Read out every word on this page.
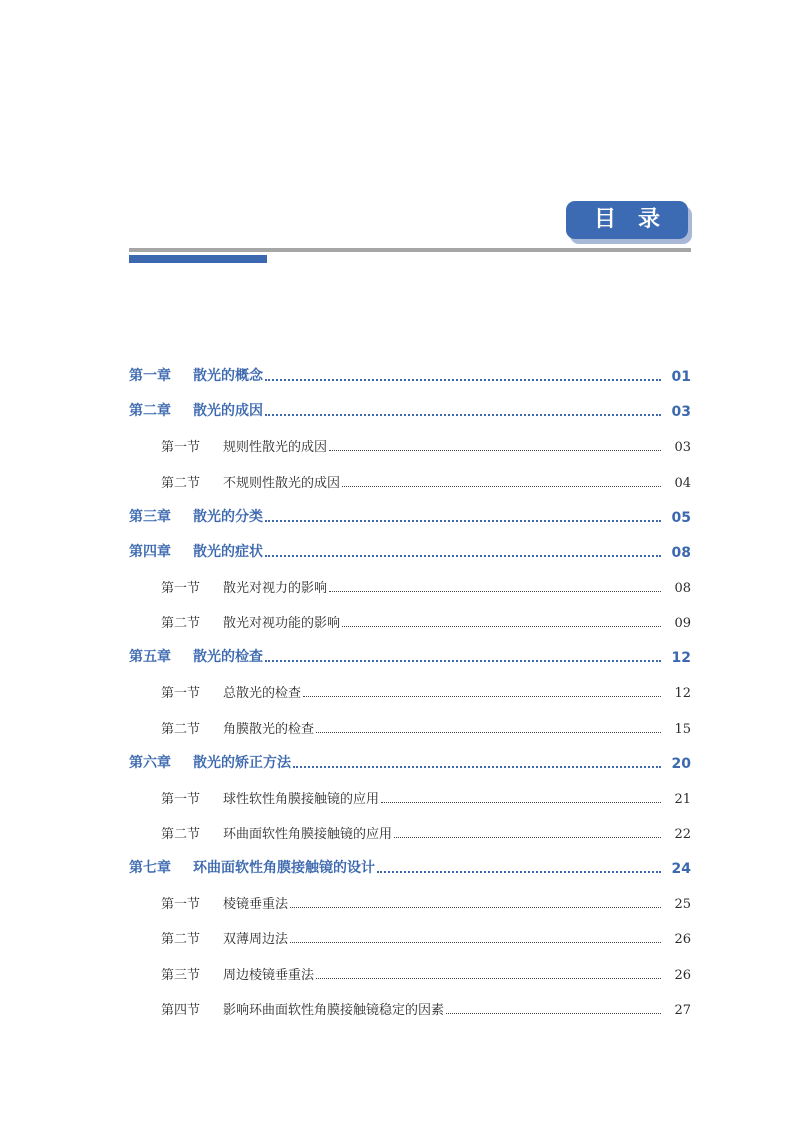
目录
第一章	散光的概念	01
第二章	散光的成因	03
第一节	规则性散光的成因	03
第二节	不规则性散光的成因	04
第三章	散光的分类	05
第四章	散光的症状	08
第一节	散光对视力的影响	08
第二节	散光对视功能的影响	09
第五章	散光的检查	12
第一节	总散光的检查	12
第二节	角膜散光的检查	15
第六章	散光的矫正方法	20
第一节	球性软性角膜接触镜的应用	21
第二节	环曲面软性角膜接触镜的应用	22
第七章	环曲面软性角膜接触镜的设计	24
第一节	棱镜垂重法	25
第二节	双薄周边法	26
第三节	周边棱镜垂重法	26
第四节	影响环曲面软性角膜接触镜稳定的因素	27
